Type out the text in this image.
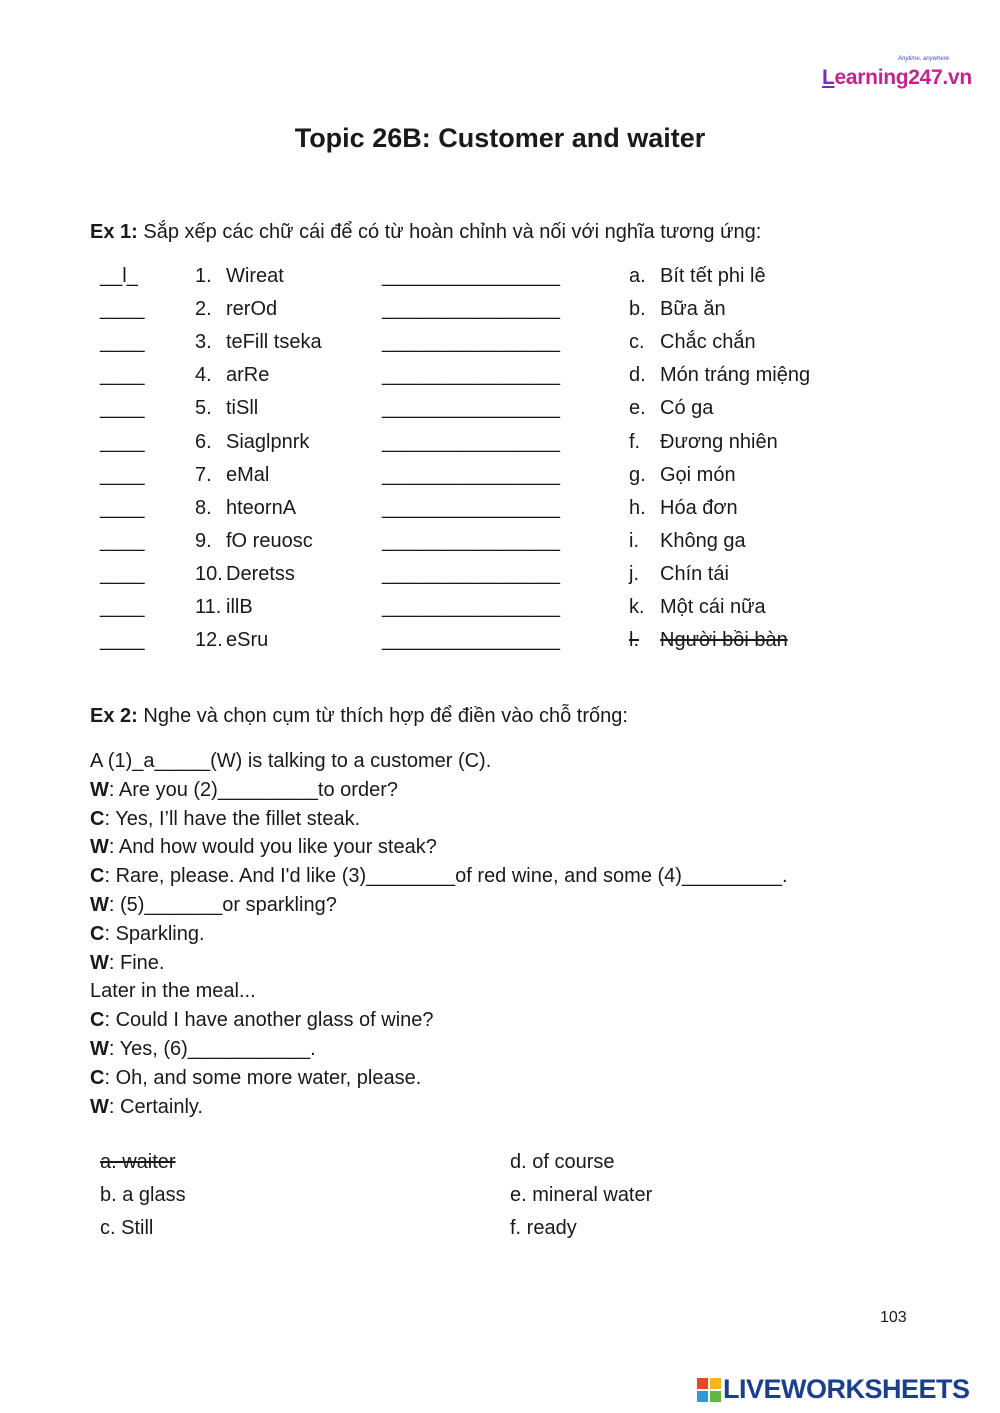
Anytime, anywhere
Learning247.vn
Topic 26B: Customer and waiter
Ex 1: Sắp xếp các chữ cái để có từ hoàn chỉnh và nối với nghĩa tương ứng:
__l_	1. Wireat	________________	a. Bít tết phi lê
____	2. rerOd	________________	b. Bữa ăn
____	3. teFill tseka	________________	c. Chắc chắn
____	4. arRe	________________	d. Món tráng miệng
____	5. tiSll	________________	e. Có ga
____	6. Siaglpnrk	________________	f. Đương nhiên
____	7. eMal	________________	g. Gọi món
____	8. hteornA	________________	h. Hóa đơn
____	9. fO reuosc	________________	i. Không ga
____	10. Deretss	________________	j. Chín tái
____	11. illB	________________	k. Một cái nữa
____	12. eSru	________________	l. Người bồi bàn
Ex 2: Nghe và chọn cụm từ thích hợp để điền vào chỗ trống:
A (1)_a_____(W) is talking to a customer (C).
W: Are you (2)_________to order?
C: Yes, I’ll have the fillet steak.
W: And how would you like your steak?
C: Rare, please. And I'd like (3)________of red wine, and some (4)_________.
W: (5)_______or sparkling?
C: Sparkling.
W: Fine.
Later in the meal...
C: Could I have another glass of wine?
W: Yes, (6)___________.
C: Oh, and some more water, please.
W: Certainly.
a. waiter
b. a glass
c. Still
d. of course
e. mineral water
f. ready
103
LIVEWORKSHEETS
